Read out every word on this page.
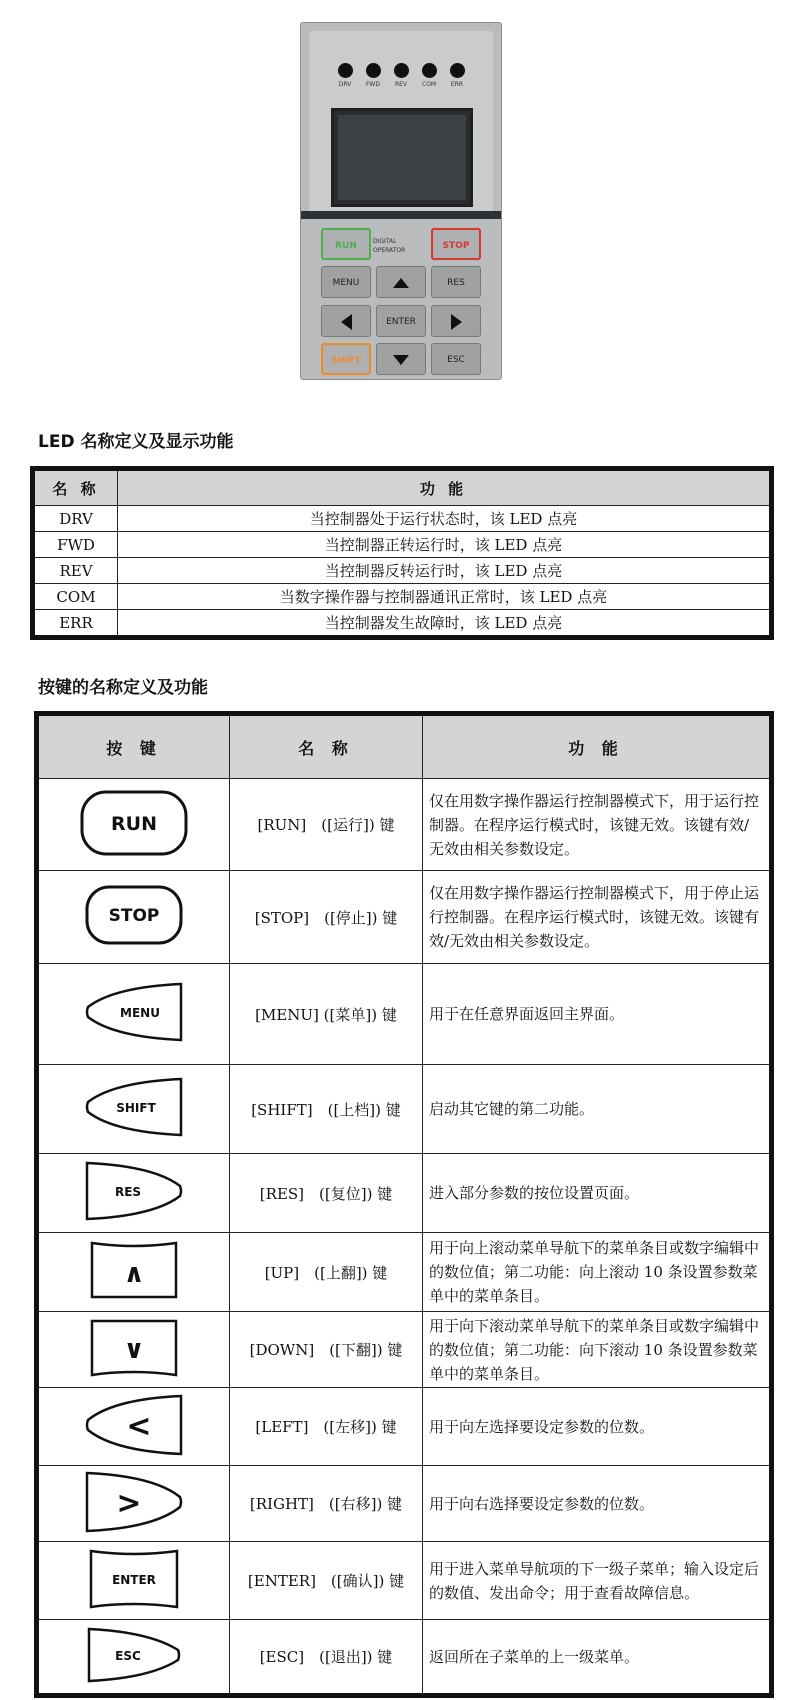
DRV	FWD	REV	COM	ERR
RUN	DIGITAL
OPERATOR	STOP
MENU	RES
ENTER
SHIFT	ESC
LED 名称定义及显示功能
名 称	功 能
DRV	当控制器处于运行状态时，该 LED 点亮
FWD	当控制器正转运行时，该 LED 点亮
REV	当控制器反转运行时，该 LED 点亮
COM	当数字操作器与控制器通讯正常时，该 LED 点亮
ERR	当控制器发生故障时，该 LED 点亮
按键的名称定义及功能
按 键	名 称	功 能

RUN	[RUN]　([运行]) 键	仅在用数字操作器运行控制器模式下，用于运行控制器。在程序运行模式时，该键无效。该键有效/无效由相关参数设定。

STOP	[STOP]　([停止]) 键	仅在用数字操作器运行控制器模式下，用于停止运行控制器。在程序运行模式时，该键无效。该键有效/无效由相关参数设定。

MENU	[MENU] ([菜单]) 键	用于在任意界面返回主界面。

SHIFT	[SHIFT]　([上档]) 键	启动其它键的第二功能。

RES	[RES]　([复位]) 键	进入部分参数的按位设置页面。

∧	[UP]　([上翻]) 键	用于向上滚动菜单导航下的菜单条目或数字编辑中的数位值；第二功能：向上滚动 10 条设置参数菜单中的菜单条目。

∨	[DOWN]　([下翻]) 键	用于向下滚动菜单导航下的菜单条目或数字编辑中的数位值；第二功能：向下滚动 10 条设置参数菜单中的菜单条目。

<	[LEFT]　([左移]) 键	用于向左选择要设定参数的位数。

>	[RIGHT]　([右移]) 键	用于向右选择要设定参数的位数。

ENTER	[ENTER]　([确认]) 键	用于进入菜单导航项的下一级子菜单；输入设定后的数值、发出命令；用于查看故障信息。

ESC	[ESC]　([退出]) 键	返回所在子菜单的上一级菜单。
